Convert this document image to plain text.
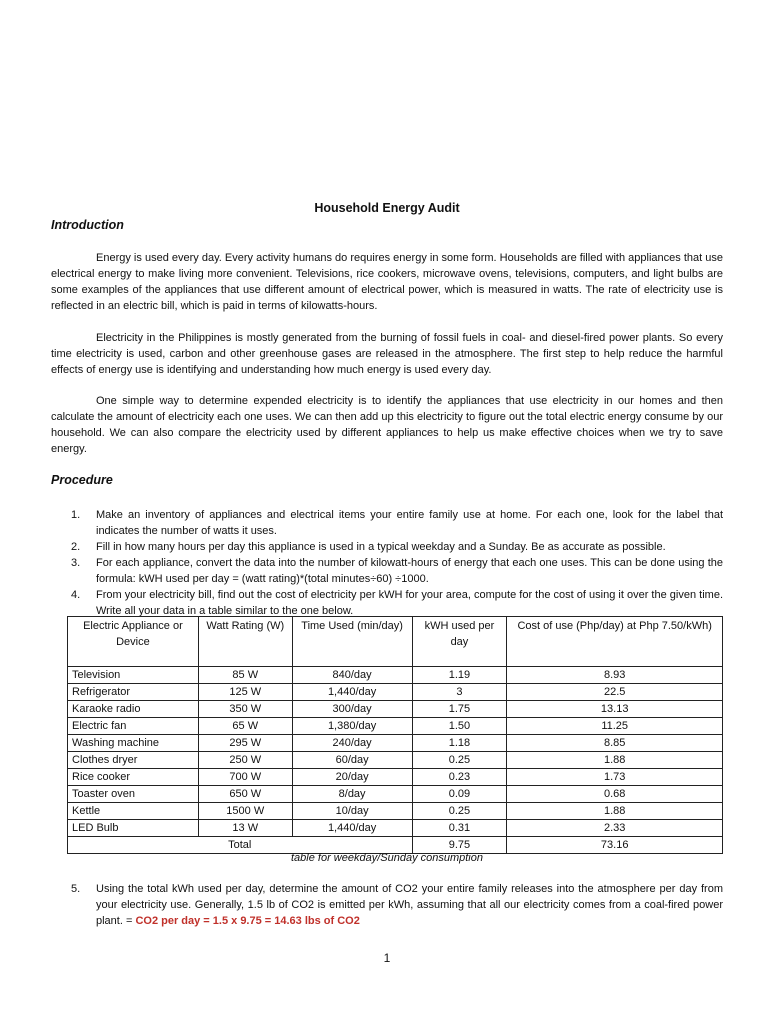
Household Energy Audit
Introduction

Energy is used every day. Every activity humans do requires energy in some form. Households are filled with appliances that use electrical energy to make living more convenient. Televisions, rice cookers, microwave ovens, televisions, computers, and light bulbs are some examples of the appliances that use different amount of electrical power, which is measured in watts. The rate of electricity use is reflected in an electric bill, which is paid in terms of kilowatts-hours.

Electricity in the Philippines is mostly generated from the burning of fossil fuels in coal- and diesel-fired power plants. So every time electricity is used, carbon and other greenhouse gases are released in the atmosphere. The first step to help reduce the harmful effects of energy use is identifying and understanding how much energy is used every day.

One simple way to determine expended electricity is to identify the appliances that use electricity in our homes and then calculate the amount of electricity each one uses. We can then add up this electricity to figure out the total electric energy consume by our household. We can also compare the electricity used by different appliances to help us make effective choices when we try to save energy.

Procedure
1. Make an inventory of appliances and electrical items your entire family use at home. For each one, look for the label that indicates the number of watts it uses.
2. Fill in how many hours per day this appliance is used in a typical weekday and a Sunday. Be as accurate as possible.
3. For each appliance, convert the data into the number of kilowatt-hours of energy that each one uses. This can be done using the formula: kWH used per day = (watt rating)*(total minutes÷60) ÷1000.
4. From your electricity bill, find out the cost of electricity per kWH for your area, compute for the cost of using it over the given time. Write all your data in a table similar to the one below.
Electric Appliance or Device	Watt Rating (W)	Time Used (min/day)	kWH used per day	Cost of use (Php/day) at Php 7.50/kWh)
Television	85 W	840/day	1.19	8.93
Refrigerator	125 W	1,440/day	3	22.5
Karaoke radio	350 W	300/day	1.75	13.13
Electric fan	65 W	1,380/day	1.50	11.25
Washing machine	295 W	240/day	1.18	8.85
Clothes dryer	250 W	60/day	0.25	1.88
Rice cooker	700 W	20/day	0.23	1.73
Toaster oven	650 W	8/day	0.09	0.68
Kettle	1500 W	10/day	0.25	1.88
LED Bulb	13 W	1,440/day	0.31	2.33
Total			9.75	73.16
table for weekday/Sunday consumption
5. Using the total kWh used per day, determine the amount of CO2 your entire family releases into the atmosphere per day from your electricity use. Generally, 1.5 lb of CO2 is emitted per kWh, assuming that all our electricity comes from a coal-fired power plant. = CO2 per day = 1.5 x 9.75 = 14.63 lbs of CO2
1
